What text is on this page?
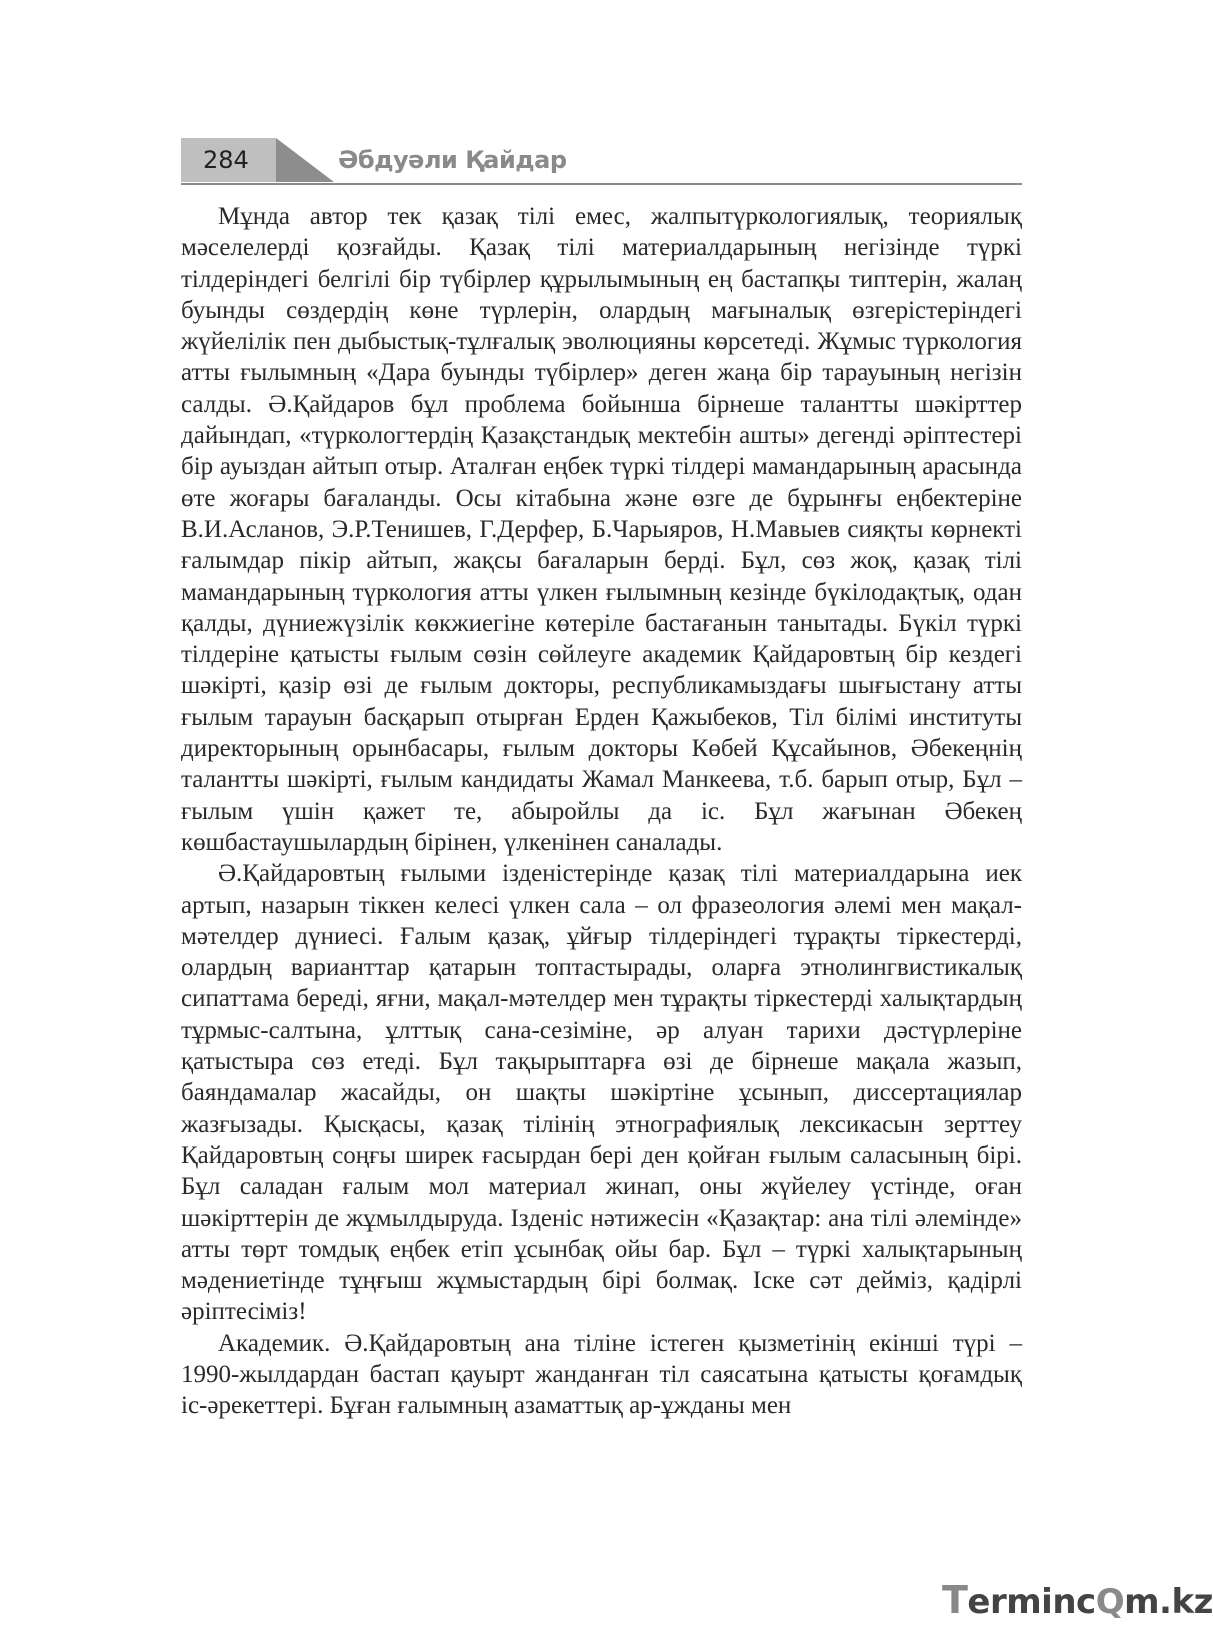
284	Әбдуәли Қайдар

Мұнда автор тек қазақ тілі емес, жалпытүркологиялық, теориялық мәселелерді қозғайды. Қазақ тілі материалдарының негізінде түркі тілдеріндегі белгілі бір түбірлер құрылымының ең бастапқы типтерін, жалаң буынды сөздердің көне түрлерін, олардың мағыналық өзгерістеріндегі жүйелілік пен дыбыстық-тұлғалық эволюцияны көрсетеді. Жұмыс түркология атты ғылымның «Дара буынды түбірлер» деген жаңа бір тарауының негізін салды. Ә.Қайдаров бұл проблема бойынша бірнеше талантты шәкірттер дайындап, «түркологтердің Қазақстандық мектебін ашты» дегенді әріптестері бір ауыздан айтып отыр. Аталған еңбек түркі тілдері мамандарының арасында өте жоғары бағаланды. Осы кітабына және өзге де бұрынғы еңбектеріне В.И.Асланов, Э.Р.Тенишев, Г.Дерфер, Б.Чарыяров, Н.Мавыев сияқты көрнекті ғалымдар пікір айтып, жақсы бағаларын берді. Бұл, сөз жоқ, қазақ тілі мамандарының түркология атты үлкен ғылымның кезінде бүкілодақтық, одан қалды, дүниежүзілік көкжиегіне көтеріле бастағанын танытады. Бүкіл түркі тілдеріне қатысты ғылым сөзін сөйлеуге академик Қайдаровтың бір кездегі шәкірті, қазір өзі де ғылым докторы, республикамыздағы шығыстану атты ғылым тарауын басқарып отырған Ерден Қажыбеков, Тіл білімі институты директорының орынбасары, ғылым докторы Көбей Құсайынов, Әбекеңнің талантты шәкірті, ғылым кандидаты Жамал Манкеева, т.б. барып отыр, Бұл – ғылым үшін қажет те, абыройлы да іс. Бұл жағынан Әбекең көшбастаушылардың бірінен, үлкенінен саналады.

Ә.Қайдаровтың ғылыми ізденістерінде қазақ тілі материалдарына иек артып, назарын тіккен келесі үлкен сала – ол фразеология әлемі мен мақал-мәтелдер дүниесі. Ғалым қазақ, ұйғыр тілдеріндегі тұрақты тіркестерді, олардың варианттар қатарын топтастырады, оларға этнолингвистикалық сипаттама береді, яғни, мақал-мәтелдер мен тұрақты тіркестерді халықтардың тұрмыс-салтына, ұлттық сана-сезіміне, әр алуан тарихи дәстүрлеріне қатыстыра сөз етеді. Бұл тақырыптарға өзі де бірнеше мақала жазып, баяндамалар жасайды, он шақты шәкіртіне ұсынып, диссертациялар жазғызады. Қысқасы, қазақ тілінің этнографиялық лексикасын зерттеу Қайдаровтың соңғы ширек ғасырдан бері ден қойған ғылым саласының бірі. Бұл саладан ғалым мол материал жинап, оны жүйелеу үстінде, оған шәкірттерін де жұмылдыруда. Ізденіс нәтижесін «Қазақтар: ана тілі әлемінде» атты төрт томдық еңбек етіп ұсынбақ ойы бар. Бұл – түркі халықтарының мәдениетінде тұңғыш жұмыстардың бірі болмақ. Іске сәт дейміз, қадірлі әріптесіміз!

Академик. Ә.Қайдаровтың ана тіліне істеген қызметінің екінші түрі – 1990-жылдардан бастап қауырт жанданған тіл саясатына қатысты қоғамдық іс-әрекеттері. Бұған ғалымның азаматтық ар-ұжданы мен

TermincQm.kz
